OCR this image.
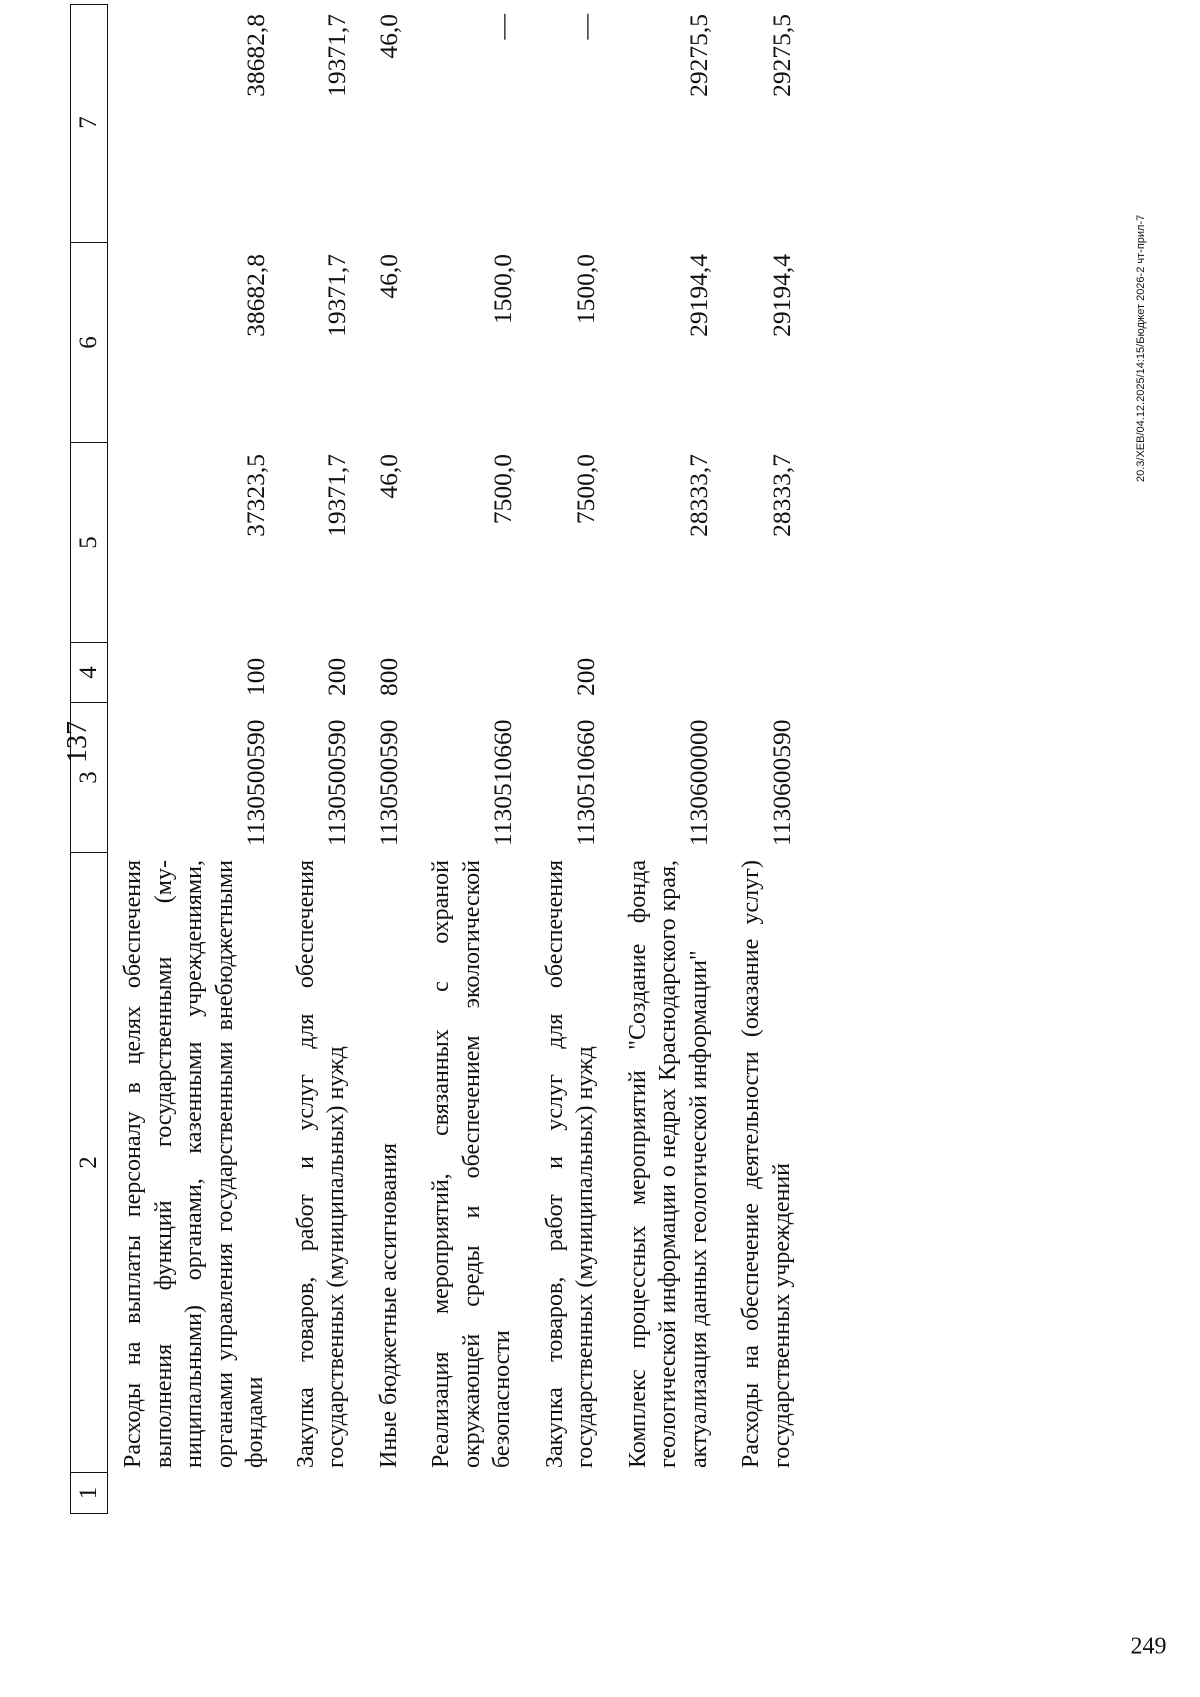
137
1
2
3
4
5
6
7
Расходы на выплаты персоналу в целях обеспечения выполнения функций государственными (муниципальными) органами, казенными учреждениями, органами управления государственными внебюджетными фондами
1130500590
100
37323,5
38682,8
38682,8
Закупка товаров, работ и услуг для обеспечения государственных (муниципальных) нужд
1130500590
200
19371,7
19371,7
19371,7
Иные бюджетные ассигнования
1130500590
800
46,0
46,0
46,0
Реализация мероприятий, связанных с охраной окружающей среды и обеспечением экологической безопасности
1130510660
7500,0
1500,0
—
Закупка товаров, работ и услуг для обеспечения государственных (муниципальных) нужд
1130510660
200
7500,0
1500,0
—
Комплекс процессных мероприятий "Создание фонда геологической информации о недрах Краснодарского края, актуализация данных геологической информации"
1130600000
28333,7
29194,4
29275,5
Расходы на обеспечение деятельности (оказание услуг) государственных учреждений
1130600590
28333,7
29194,4
29275,5
249
20.3/ХЕВ/04.12.2025/14:15/Бюджет 2026-2 чт-прил-7
